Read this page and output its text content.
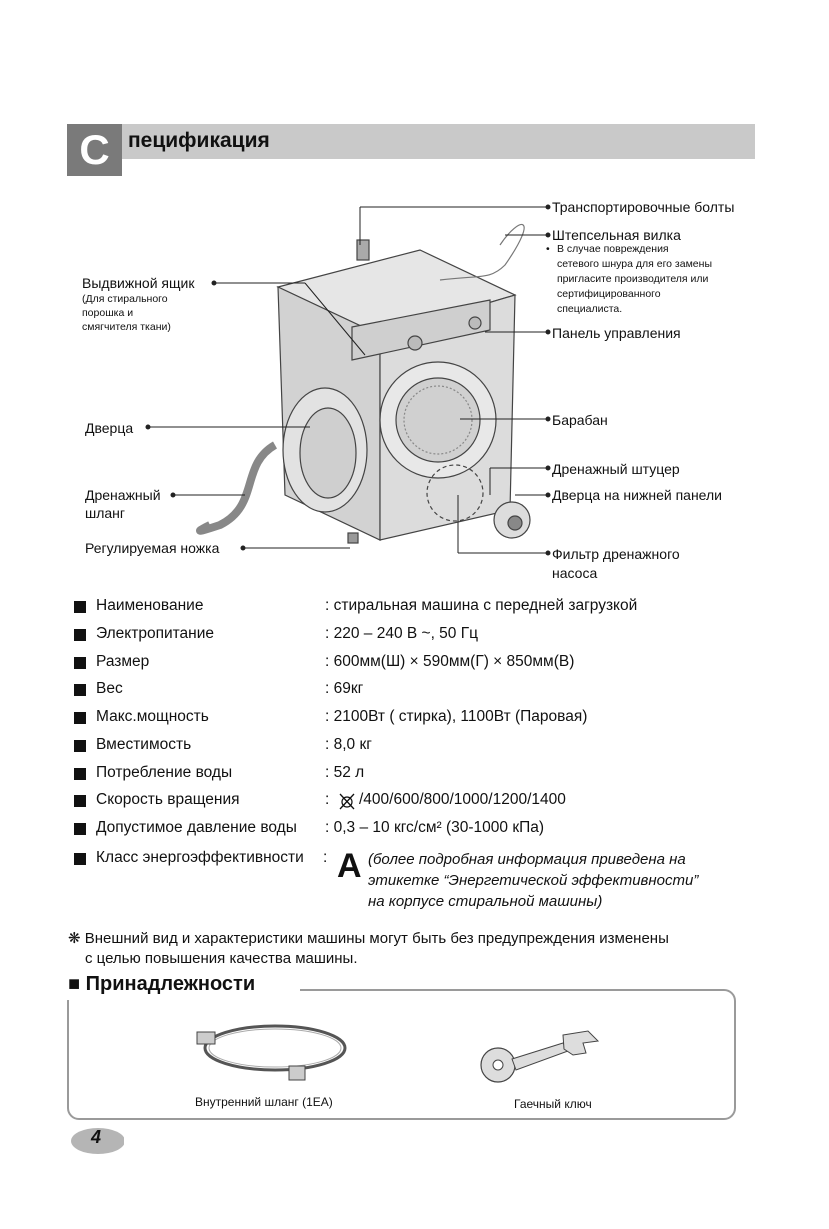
С пецификация
Транспортировочные болты
Штепсельная вилка
• В случае повреждения
сетевого шнура для его замены
пригласите производителя или
сертифицированного
специалиста.
Выдвижной ящик
(Для стирального
порошка и
смягчителя ткани)	Панель управления
Дверца	Барабан
Дренажный штуцер
Дверца на нижней панели
Дренажный
шланг
Регулируемая ножка	Фильтр дренажного
насоса
Наименование	: стиральная машина с передней загрузкой
Электропитание	: 220 – 240 В ~, 50 Гц
Размер	: 600мм(Ш) × 590мм(Г) × 850мм(В)
Вес	: 69кг
Макс.мощность	: 2100Вт ( стирка), 1100Вт (Паровая)
Вместимость	: 8,0 кг
Потребление воды	: 52 л
Скорость вращения	: /400/600/800/1000/1200/1400
Допустимое давление воды : 0,3 – 10 кгс/см² (30-1000 кПа)
Класс энергоэффективности : A (более подробная информация приведена на
этикетке “Энергетической эффективности”
на корпусе стиральной машины)
❋ Внешний вид и характеристики машины могут быть без предупреждения изменены
с целью повышения качества машины.
■ Принадлежности
Внутренний шланг (1EA)	Гаечный ключ
4
